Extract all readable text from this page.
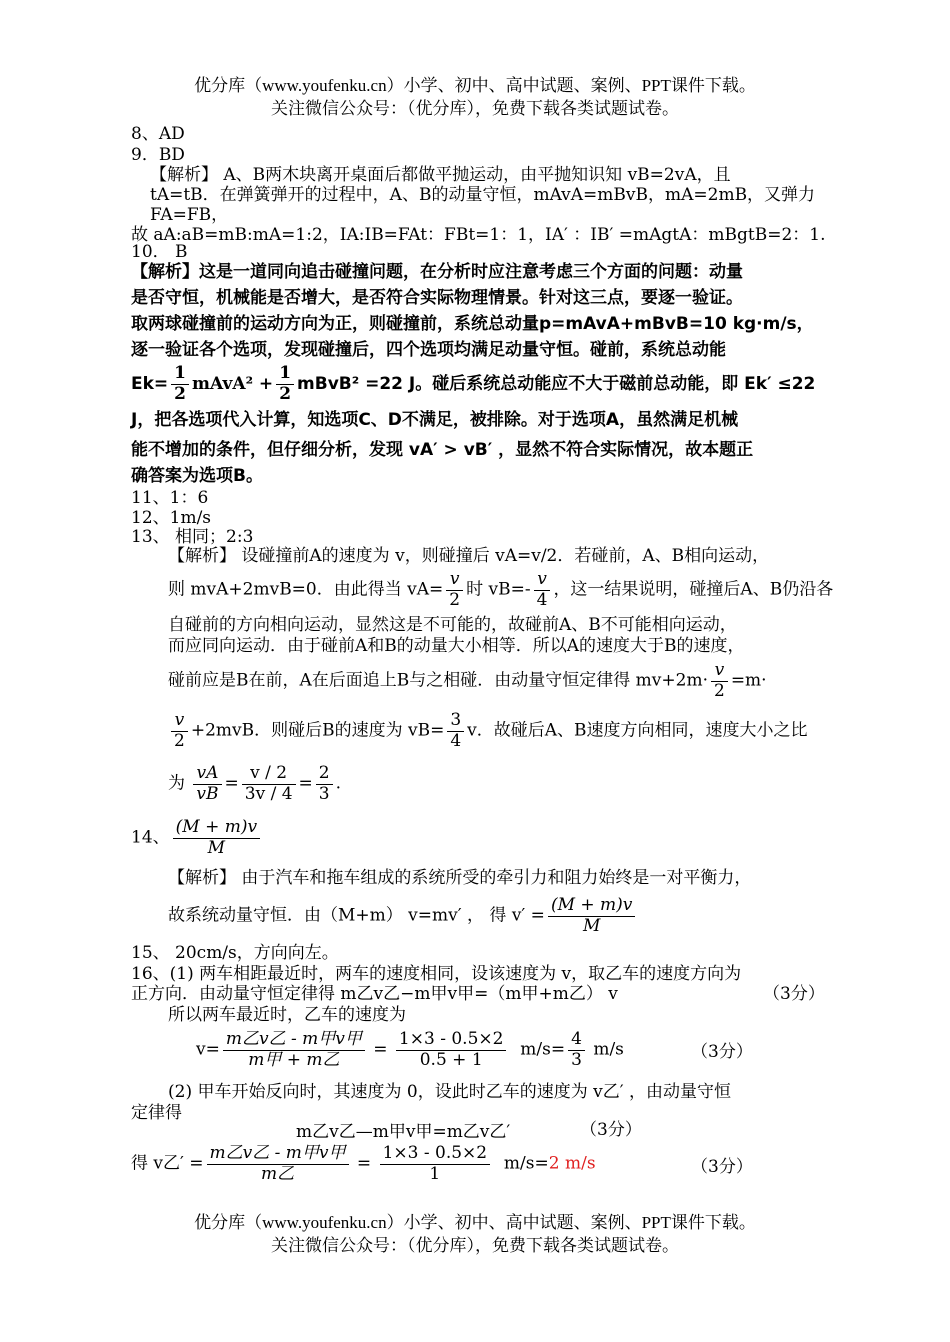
优分库（www.youfenku.cn）小学、初中、高中试题、案例、PPT课件下载。
关注微信公众号：（优分库），免费下载各类试题试卷。
8、AD
9．BD
【解析】 A、B两木块离开桌面后都做平抛运动，由平抛知识知 vB=2vA，且
tA=tB．在弹簧弹开的过程中，A、B的动量守恒，mAvA=mBvB，mA=2mB，又弹力
FA=FB，
故 aA:aB=mB:mA=1:2，IA:IB=FAt：FBt=1：1，IA′ ：IB′ =mAgtA：mBgtB=2：1.
10． B
【解析】这是一道同向追击碰撞问题，在分析时应注意考虑三个方面的问题：动量
是否守恒，机械能是否增大，是否符合实际物理情景。针对这三点，要逐一验证。
取两球碰撞前的运动方向为正，则碰撞前，系统总动量p=mAvA+mBvB=10 kg·m/s，
逐一验证各个选项，发现碰撞后，四个选项均满足动量守恒。碰前，系统总动能
$Ek= \frac{1}{2}$ mAvA² + $\frac{1}{2}$ mBvB² =22 J。碰后系统总动能应不大于磁前总动能，即 Ek′ ≤22
J，把各选项代入计算，知选项C、D不满足，被排除。对于选项A，虽然满足机械
能不增加的条件，但仔细分析，发现 vA′ > vB′ ，显然不符合实际情况，故本题正
确答案为选项B。
11、1：6
12、1m/s
13、 相同；2:3
【解析】 设碰撞前A的速度为 v，则碰撞后 vA=v/2．若碰前，A、B相向运动，
则 mvA+2mvB=0．由此得当 $vA= \frac{v}{2}$ 时 $vB=- \frac{v}{4}$ ，这一结果说明，碰撞后A、B仍沿各
自碰前的方向相向运动，显然这是不可能的，故碰前A、B不可能相向运动，
而应同向运动．由于碰前A和B的动量大小相等．所以A的速度大于B的速度，
碰前应是B在前，A在后面追上B与之相碰．由动量守恒定律得 $mv+2m\cdot \frac{v}{2} =m\cdot$
$\frac{v}{2} +2mvB$．则碰后B的速度为 $vB= \frac{3}{4}$ v．故碰后A、B速度方向相同，速度大小之比
为 $\frac{vA}{vB} = \frac{v / 2}{3v / 4} = \frac{2}{3}$ .
14、 $\frac{(M + m)v}{M}$
【解析】 由于汽车和拖车组成的系统所受的牵引力和阻力始终是一对平衡力，
故系统动量守恒．由（M+m） v=mv′ ， 得 $v' = \frac{(M + m)v}{M}$
15、 20cm/s，方向向左。
16、(1) 两车相距最近时，两车的速度相同，设该速度为 v，取乙车的速度方向为
正方向．由动量守恒定律得 m乙v乙−m甲v甲=（m甲+m乙） v	（3分）
所以两车最近时，乙车的速度为
$v= \frac{\text{m乙v乙 - m甲v甲}}{\text{m甲 + m乙}} = \frac{1\times 3 - 0.5\times 2}{0.5 + 1} m/s= \frac{4}{3} m/s$	（3分）
(2) 甲车开始反向时，其速度为 0，设此时乙车的速度为 v乙′ ，由动量守恒
定律得
m乙v乙—m甲v甲=m乙v乙′	（3分）
得 v乙′ = $\frac{\text{m乙v乙 - m甲v甲}}{\text{m乙}} = \frac{1\times 3 - 0.5\times 2}{1} m/s=2$ m/s	（3分）
优分库（www.youfenku.cn）小学、初中、高中试题、案例、PPT课件下载。
关注微信公众号：（优分库），免费下载各类试题试卷。
